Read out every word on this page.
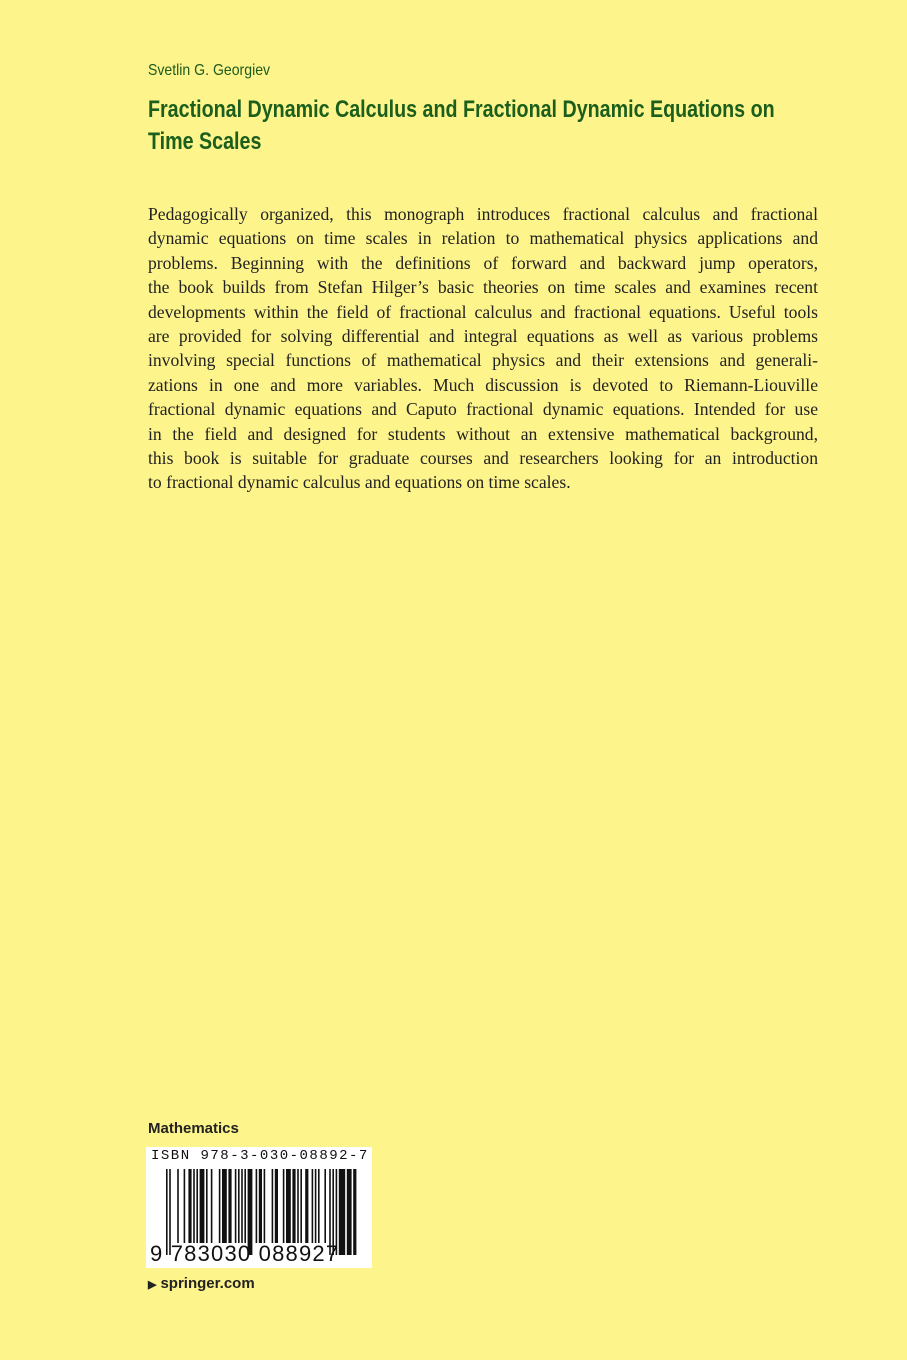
Svetlin G. Georgiev
Fractional Dynamic Calculus and Fractional Dynamic Equations on Time Scales
Pedagogically organized, this monograph introduces fractional calculus and fractional
dynamic equations on time scales in relation to mathematical physics applications and
problems. Beginning with the definitions of forward and backward jump operators,
the book builds from Stefan Hilger’s basic theories on time scales and examines recent
developments within the field of fractional calculus and fractional equations. Useful tools
are provided for solving differential and integral equations as well as various problems
involving special functions of mathematical physics and their extensions and generali-
zations in one and more variables. Much discussion is devoted to Riemann-Liouville
fractional dynamic equations and Caputo fractional dynamic equations. Intended for use
in the field and designed for students without an extensive mathematical background,
this book is suitable for graduate courses and researchers looking for an introduction
to fractional dynamic calculus and equations on time scales.
Mathematics
ISBN 978-3-030-08892-7
9 783030 088927
▶ springer.com
